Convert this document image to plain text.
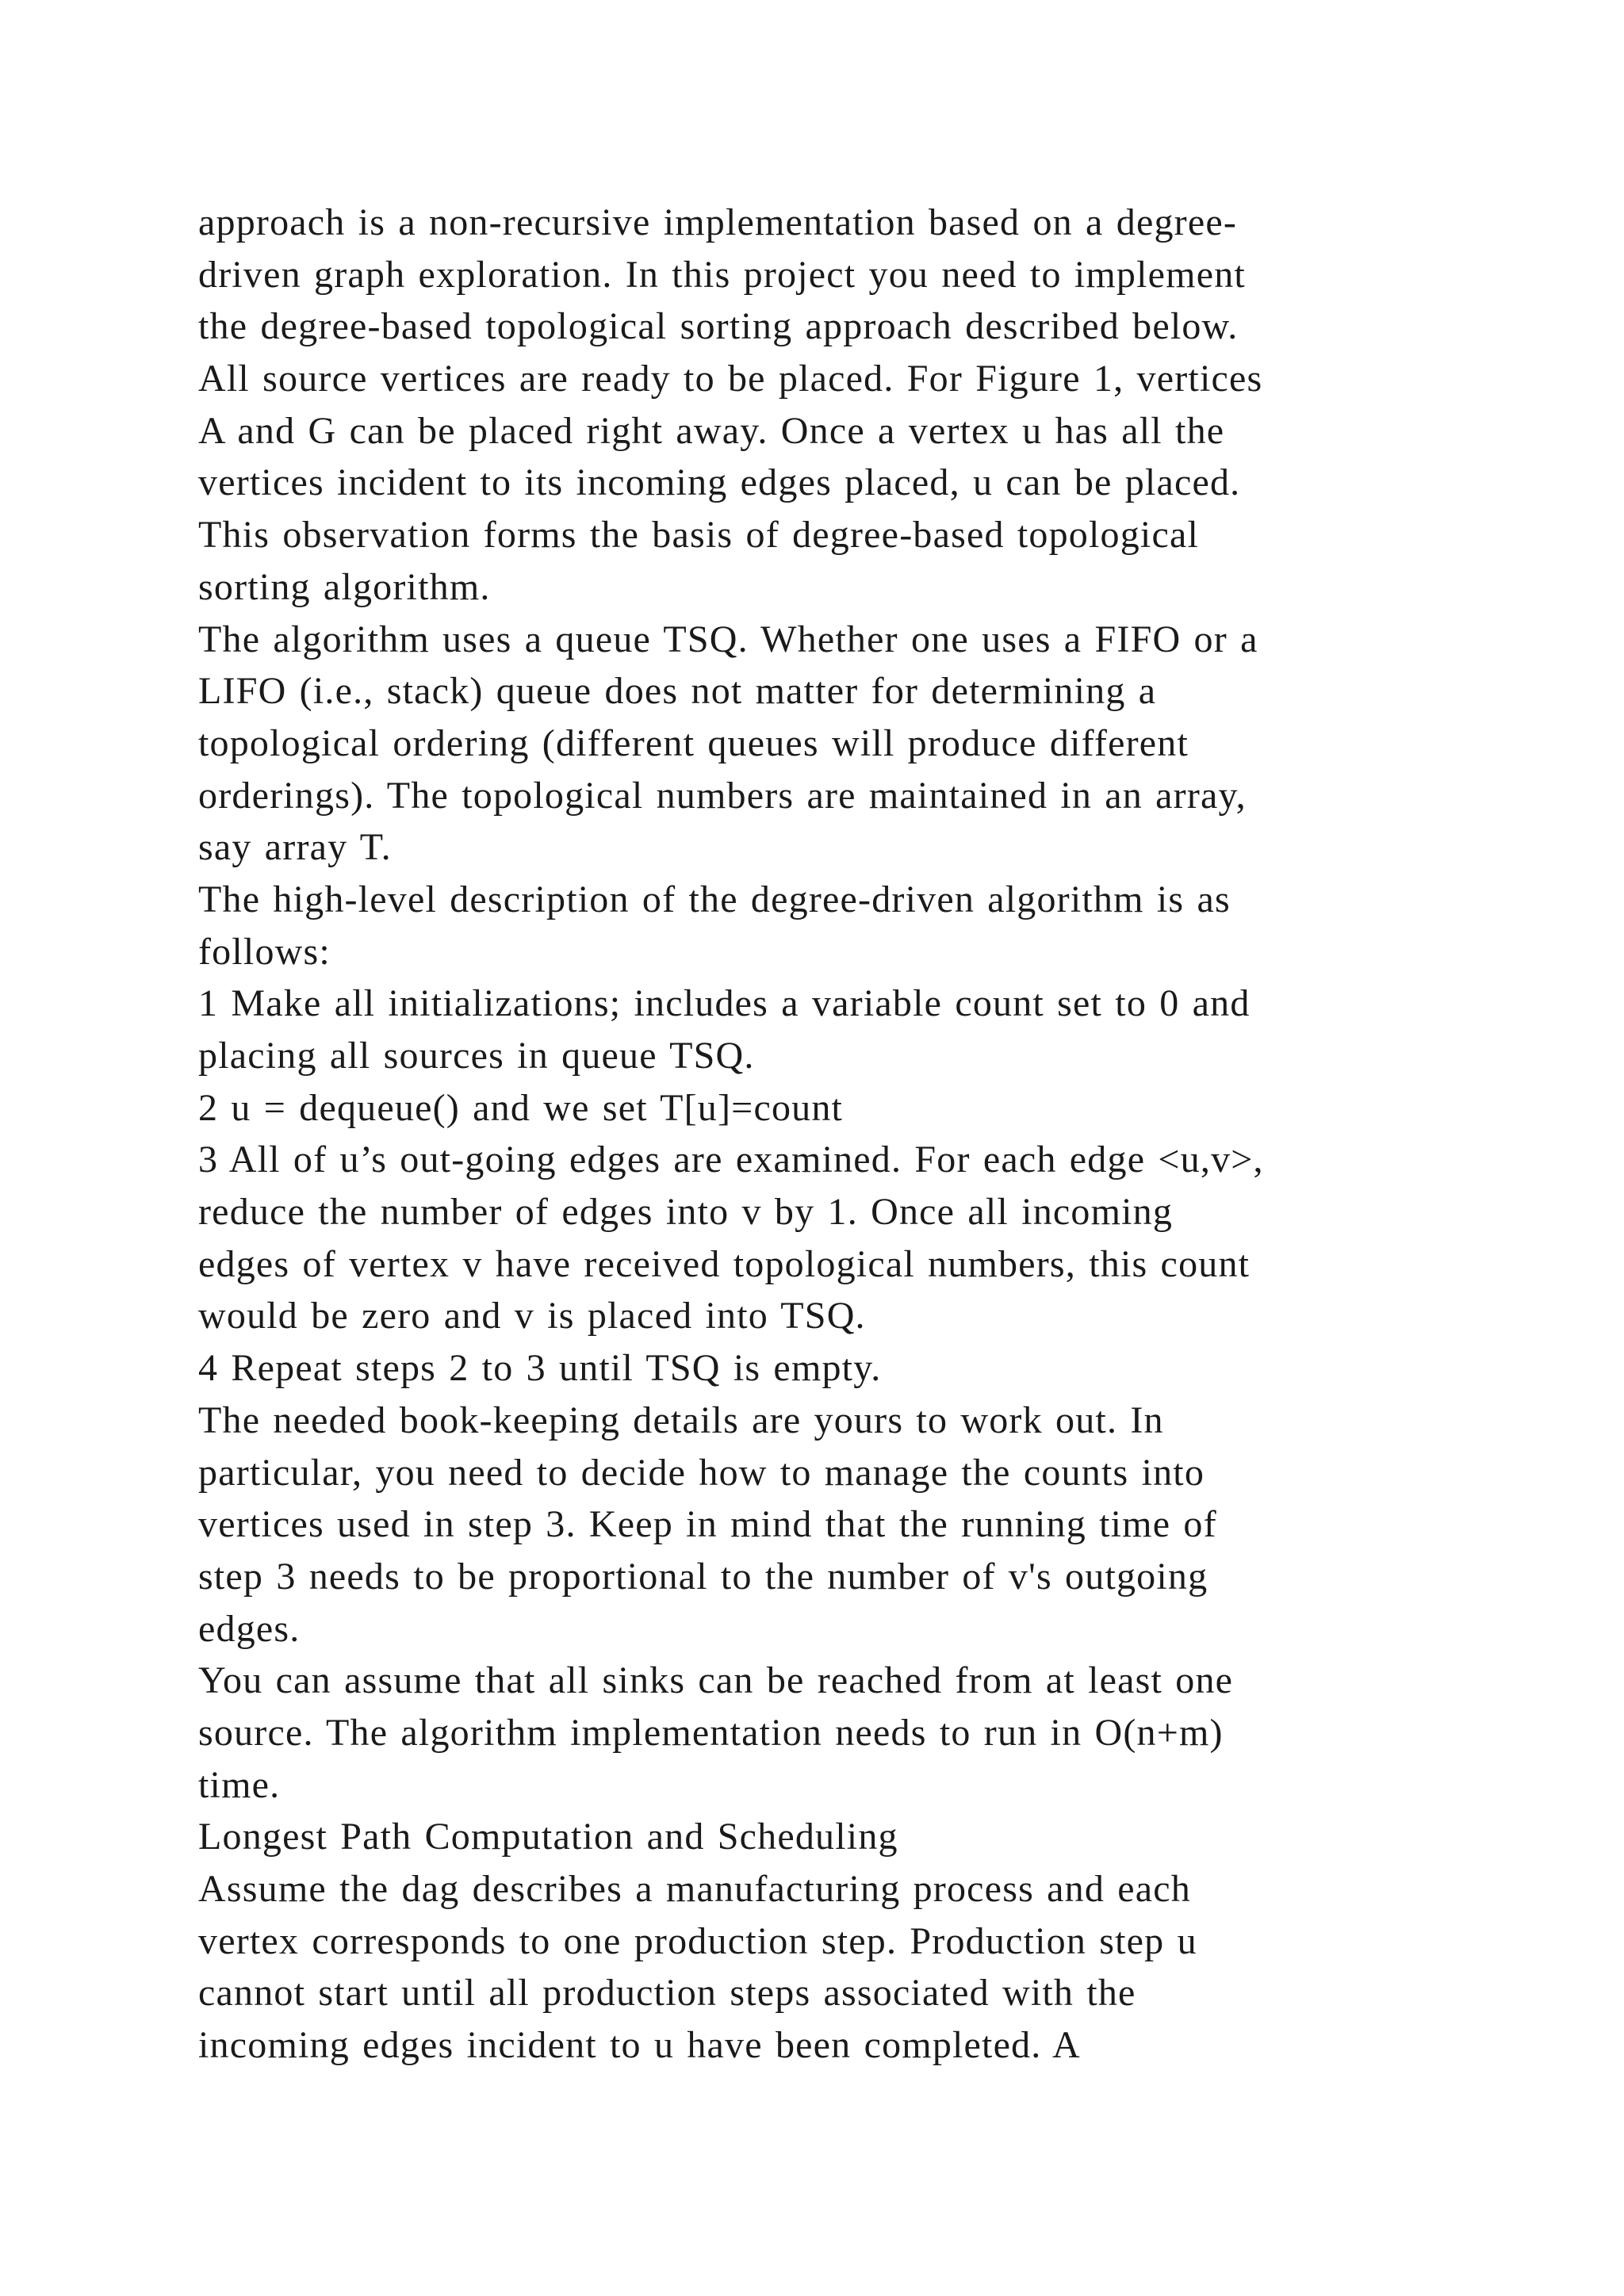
approach is a non-recursive implementation based on a degree-
driven graph exploration. In this project you need to implement
the degree-based topological sorting approach described below.
All source vertices are ready to be placed. For Figure 1, vertices
A and G can be placed right away. Once a vertex u has all the
vertices incident to its incoming edges placed, u can be placed.
This observation forms the basis of degree-based topological
sorting algorithm.
The algorithm uses a queue TSQ. Whether one uses a FIFO or a
LIFO (i.e., stack) queue does not matter for determining a
topological ordering (different queues will produce different
orderings). The topological numbers are maintained in an array,
say array T.
The high-level description of the degree-driven algorithm is as
follows:
1 Make all initializations; includes a variable count set to 0 and
placing all sources in queue TSQ.
2 u = dequeue() and we set T[u]=count
3 All of u’s out-going edges are examined. For each edge <u,v>,
reduce the number of edges into v by 1. Once all incoming
edges of vertex v have received topological numbers, this count
would be zero and v is placed into TSQ.
4 Repeat steps 2 to 3 until TSQ is empty.
The needed book-keeping details are yours to work out. In
particular, you need to decide how to manage the counts into
vertices used in step 3. Keep in mind that the running time of
step 3 needs to be proportional to the number of v's outgoing
edges.
You can assume that all sinks can be reached from at least one
source. The algorithm implementation needs to run in O(n+m)
time.
Longest Path Computation and Scheduling
Assume the dag describes a manufacturing process and each
vertex corresponds to one production step. Production step u
cannot start until all production steps associated with the
incoming edges incident to u have been completed. A
